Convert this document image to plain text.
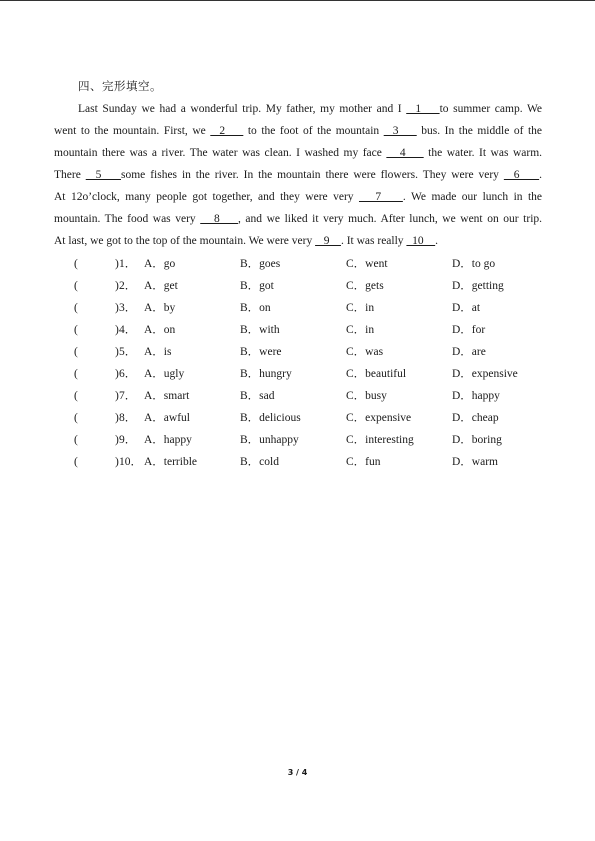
四、完形填空。
Last Sunday we had a wonderful trip. My father, my mother and I   1    to summer camp. We
went to the mountain. First, we   2     to the foot of the mountain   3     bus. In the middle of the
mountain there was a river. The water was clean. I washed my face    4     the water. It was warm.
There   5    some fishes in the river. In the mountain there were flowers. They were very   6    .
At 12o’clock, many people got together, and they were very    7    . We made our lunch in the
mountain. The food was very    8    , and we liked it very much. After lunch, we went on our trip.
At last, we got to the top of the mountain. We were very    9    . It was really   10    .
(	) 1． A．go	B．goes	C．went	D．to go
(	) 2． A．get	B．got	C．gets	D．getting
(	) 3． A．by	B．on	C．in	D．at
(	) 4． A．on	B．with	C．in	D．for
(	) 5． A．is	B．were	C．was	D．are
(	) 6． A．ugly	B．hungry	C．beautiful	D．expensive
(	) 7． A．smart	B．sad	C．busy	D．happy
(	) 8． A．awful	B．delicious	C．expensive	D．cheap
(	) 9． A．happy	B．unhappy	C．interesting	D．boring
(	) 10． A．terrible	B．cold	C．fun	D．warm
3 / 4
